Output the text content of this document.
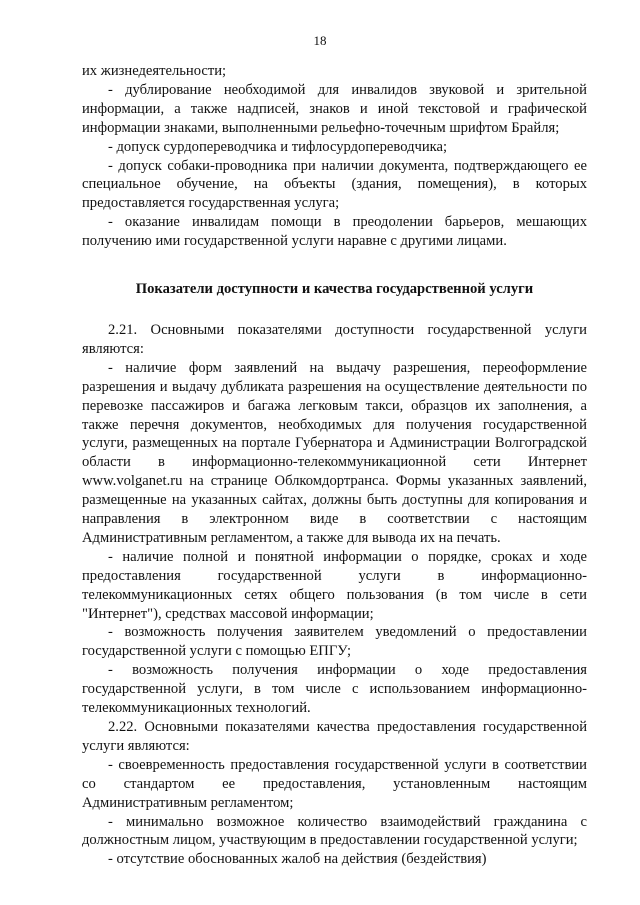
18

их жизнедеятельности;

- дублирование необходимой для инвалидов звуковой и зрительной информации, а также надписей, знаков и иной текстовой и графической информации знаками, выполненными рельефно-точечным шрифтом Брайля;

- допуск сурдопереводчика и тифлосурдопереводчика;

- допуск собаки-проводника при наличии документа, подтверждающего ее специальное обучение, на объекты (здания, помещения), в которых предоставляется государственная услуга;

- оказание инвалидам помощи в преодолении барьеров, мешающих получению ими государственной услуги наравне с другими лицами.

Показатели доступности и качества государственной услуги

2.21. Основными показателями доступности государственной услуги являются:

- наличие форм заявлений на выдачу разрешения, переоформление разрешения и выдачу дубликата разрешения на осуществление деятельности по перевозке пассажиров и багажа легковым такси, образцов их заполнения, а также перечня документов, необходимых для получения государственной услуги, размещенных на портале Губернатора и Администрации Волгоградской области в информационно-телекоммуникационной сети Интернет www.volganet.ru на странице Облкомдортранса. Формы указанных заявлений, размещенные на указанных сайтах, должны быть доступны для копирования и направления в электронном виде в соответствии с настоящим Административным регламентом, а также для вывода их на печать.

- наличие полной и понятной информации о порядке, сроках и ходе предоставления государственной услуги в информационно-телекоммуникационных сетях общего пользования (в том числе в сети "Интернет"), средствах массовой информации;

- возможность получения заявителем уведомлений о предоставлении государственной услуги с помощью ЕПГУ;

- возможность получения информации о ходе предоставления государственной услуги, в том числе с использованием информационно-телекоммуникационных технологий.

2.22. Основными показателями качества предоставления государственной услуги являются:

- своевременность предоставления государственной услуги в соответствии со стандартом ее предоставления, установленным настоящим Административным регламентом;

- минимально возможное количество взаимодействий гражданина с должностным лицом, участвующим в предоставлении государственной услуги;

- отсутствие обоснованных жалоб на действия (бездействия)
